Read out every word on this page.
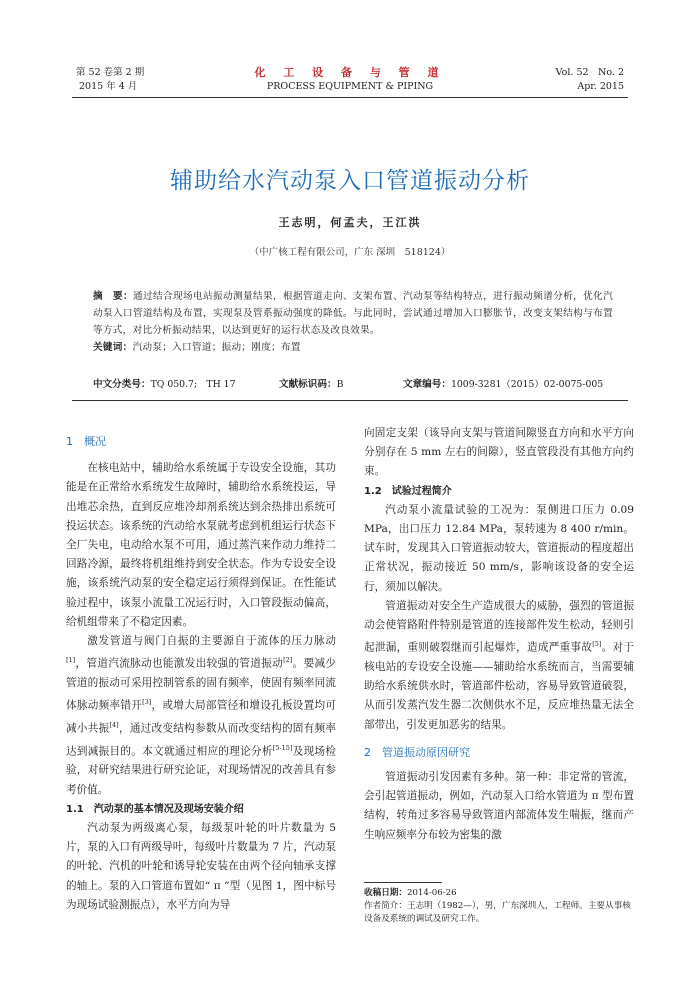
第 52 卷第 2 期
2015 年 4 月
化 工 设 备 与 管 道
PROCESS EQUIPMENT & PIPING
Vol. 52　No. 2
Apr. 2015
辅助给水汽动泵入口管道振动分析
王志明，何孟夫，王江洪
（中广核工程有限公司，广东 深圳　518124）
摘　要：通过结合现场电站振动测量结果，根据管道走向、支架布置、汽动泵等结构特点，进行振动频谱分析，优化汽动泵入口管道结构及布置，实现泵及管系振动强度的降低。与此同时，尝试通过增加入口膨胀节，改变支架结构与布置等方式，对比分析振动结果，以达到更好的运行状态及改良效果。
关键词：汽动泵；入口管道；振动；刚度；布置
中文分类号：TQ 050.7;　TH 17	文献标识码：B	文章编号：1009-3281（2015）02-0075-005

1　概况

在核电站中，辅助给水系统属于专设安全设施，其功能是在正常给水系统发生故障时，辅助给水系统投运，导出堆芯余热，直到反应堆冷却剂系统达到余热排出系统可投运状态。该系统的汽动给水泵就考虑到机组运行状态下全厂失电，电动给水泵不可用，通过蒸汽来作动力维持二回路冷源，最终将机组维持到安全状态。作为专设安全设施，该系统汽动泵的安全稳定运行须得到保证。在性能试验过程中，该泵小流量工况运行时，入口管段振动偏高，给机组带来了不稳定因素。

激发管道与阀门自振的主要源自于流体的压力脉动[1]，管道汽流脉动也能激发出较强的管道振动[2]。要减少管道的振动可采用控制管系的固有频率，使固有频率同流体脉动频率错开[3]，或增大局部管径和增设孔板设置均可减小共振[4]，通过改变结构参数从而改变结构的固有频率达到减振目的。本文就通过相应的理论分析[5-15]及现场检验，对研究结果进行研究论证，对现场情况的改善具有参考价值。

1.1　汽动泵的基本情况及现场安装介绍

汽动泵为两级离心泵，每级泵叶轮的叶片数量为 5 片，泵的入口有两级导叶，每级叶片数量为 7 片，汽动泵的叶轮、汽机的叶轮和诱导轮安装在由两个径向轴承支撑的轴上。泵的入口管道布置如“ π ”型（见图 1，图中标号为现场试验测振点），水平方向为导

向固定支架（该导向支架与管道间隙竖直方向和水平方向分别存在 5 mm 左右的间隙），竖直管段没有其他方向约束。

1.2　试验过程简介

汽动泵小流量试验的工况为：泵侧进口压力 0.09 MPa，出口压力 12.84 MPa，泵转速为 8 400 r/min。试车时，发现其入口管道振动较大，管道振动的程度超出正常状况，振动接近 50 mm/s，影响该设备的安全运行，须加以解决。

管道振动对安全生产造成很大的威胁，强烈的管道振动会使管路附件特别是管道的连接部件发生松动，轻则引起泄漏，重则破裂继而引起爆炸，造成严重事故[5]。对于核电站的专设安全设施——辅助给水系统而言，当需要辅助给水系统供水时，管道部件松动，容易导致管道破裂，从而引发蒸汽发生器二次侧供水不足，反应堆热量无法全部带出，引发更加恶劣的结果。

2　管道振动原因研究

管道振动引发因素有多种。第一种：非定常的管流，会引起管道振动，例如，汽动泵入口给水管道为 π 型布置结构，转角过多容易导致管道内部流体发生喘振，继而产生响应频率分布较为密集的激

收稿日期：2014-06-26
作者简介：王志明（1982—），男，广东深圳人，工程师。主要从事核设备及系统的调试及研究工作。
